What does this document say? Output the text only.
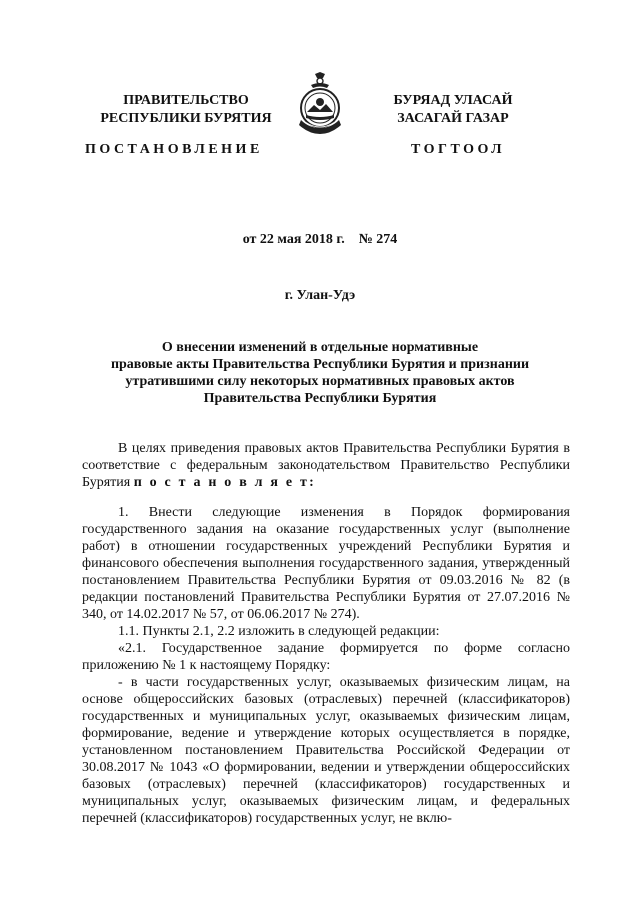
ПРАВИТЕЛЬСТВО
РЕСПУБЛИКИ БУРЯТИЯ
БУРЯАД УЛАСАЙ
ЗАСАГАЙ ГАЗАР
ПОСТАНОВЛЕНИЕ	ТОГТООЛ
от 22 мая 2018 г. № 274
г. Улан-Удэ
О внесении изменений в отдельные нормативные
правовые акты Правительства Республики Бурятия и признании
утратившими силу некоторых нормативных правовых актов
Правительства Республики Бурятия

В целях приведения правовых актов Правительства Республики Бурятия в соответствие с федеральным законодательством Правительство Республики Бурятия п о с т а н о в л я е т:

1. Внести следующие изменения в Порядок формирования государственного задания на оказание государственных услуг (выполнение работ) в отношении государственных учреждений Республики Бурятия и финансового обеспечения выполнения государственного задания, утвержденный постановлением Правительства Республики Бурятия от 09.03.2016 № 82 (в редакции постановлений Правительства Республики Бурятия от 27.07.2016 № 340, от 14.02.2017 № 57, от 06.06.2017 № 274).

1.1. Пункты 2.1, 2.2 изложить в следующей редакции:

«2.1. Государственное задание формируется по форме согласно приложению № 1 к настоящему Порядку:

- в части государственных услуг, оказываемых физическим лицам, на основе общероссийских базовых (отраслевых) перечней (классификаторов) государственных и муниципальных услуг, оказываемых физическим лицам, формирование, ведение и утверждение которых осуществляется в порядке, установленном постановлением Правительства Российской Федерации от 30.08.2017 № 1043 «О формировании, ведении и утверждении общероссийских базовых (отраслевых) перечней (классификаторов) государственных и муниципальных услуг, оказываемых физическим лицам, и федеральных перечней (классификаторов) государственных услуг, не вклю-
